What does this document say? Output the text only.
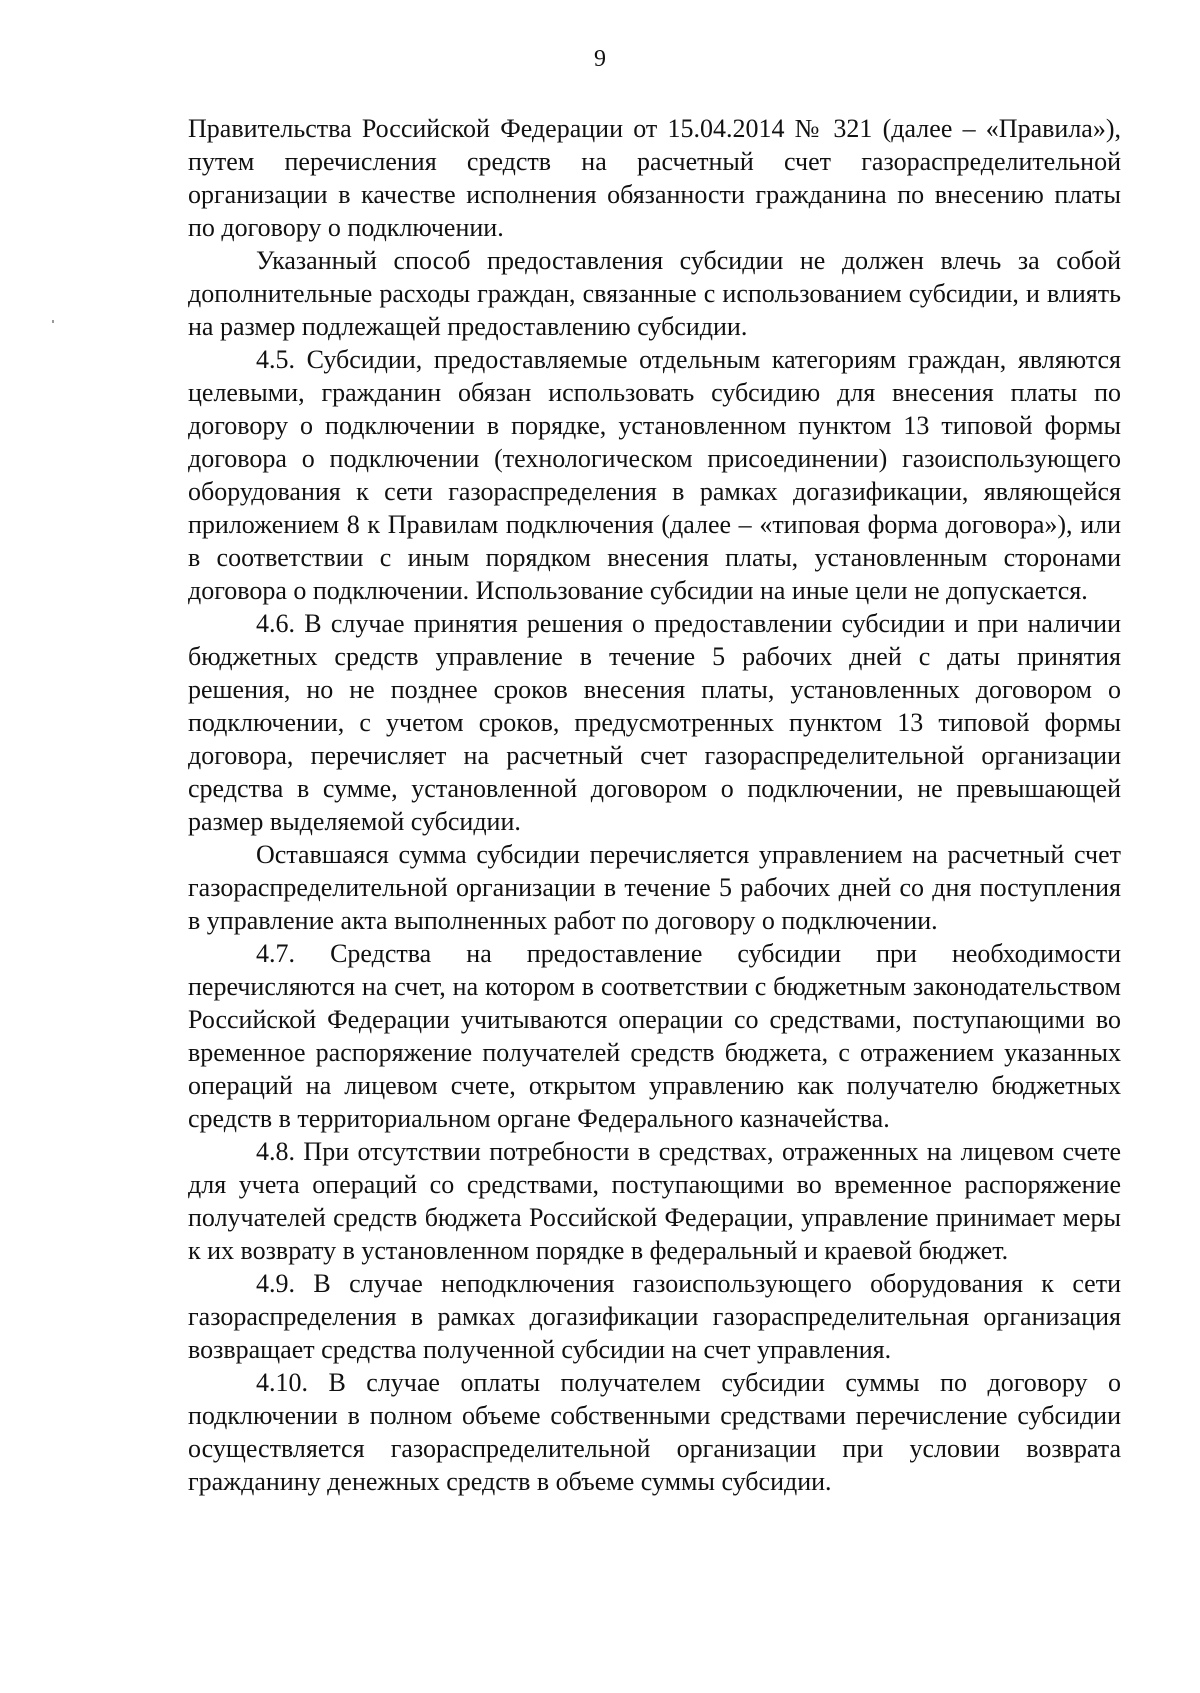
9

Правительства Российской Федерации от 15.04.2014 № 321 (далее – «Правила»), путем перечисления средств на расчетный счет газораспределительной организации в качестве исполнения обязанности гражданина по внесению платы по договору о подключении.

Указанный способ предоставления субсидии не должен влечь за собой дополнительные расходы граждан, связанные с использованием субсидии, и влиять на размер подлежащей предоставлению субсидии.

4.5. Субсидии, предоставляемые отдельным категориям граждан, являются целевыми, гражданин обязан использовать субсидию для внесения платы по договору о подключении в порядке, установленном пунктом 13 типовой формы договора о подключении (технологическом присоединении) газоиспользующего оборудования к сети газораспределения в рамках догазификации, являющейся приложением 8 к Правилам подключения (далее – «типовая форма договора»), или в соответствии с иным порядком внесения платы, установленным сторонами договора о подключении. Использование субсидии на иные цели не допускается.

4.6. В случае принятия решения о предоставлении субсидии и при наличии бюджетных средств управление в течение 5 рабочих дней с даты принятия решения, но не позднее сроков внесения платы, установленных договором о подключении, с учетом сроков, предусмотренных пунктом 13 типовой формы договора, перечисляет на расчетный счет газораспределительной организации средства в сумме, установленной договором о подключении, не превышающей размер выделяемой субсидии.

Оставшаяся сумма субсидии перечисляется управлением на расчетный счет газораспределительной организации в течение 5 рабочих дней со дня поступления в управление акта выполненных работ по договору о подключении.

4.7. Средства на предоставление субсидии при необходимости перечисляются на счет, на котором в соответствии с бюджетным законодательством Российской Федерации учитываются операции со средствами, поступающими во временное распоряжение получателей средств бюджета, с отражением указанных операций на лицевом счете, открытом управлению как получателю бюджетных средств в территориальном органе Федерального казначейства.

4.8. При отсутствии потребности в средствах, отраженных на лицевом счете для учета операций со средствами, поступающими во временное распоряжение получателей средств бюджета Российской Федерации, управление принимает меры к их возврату в установленном порядке в федеральный и краевой бюджет.

4.9. В случае неподключения газоиспользующего оборудования к сети газораспределения в рамках догазификации газораспределительная организация возвращает средства полученной субсидии на счет управления.

4.10. В случае оплаты получателем субсидии суммы по договору о подключении в полном объеме собственными средствами перечисление субсидии осуществляется газораспределительной организации при условии возврата гражданину денежных средств в объеме суммы субсидии.
